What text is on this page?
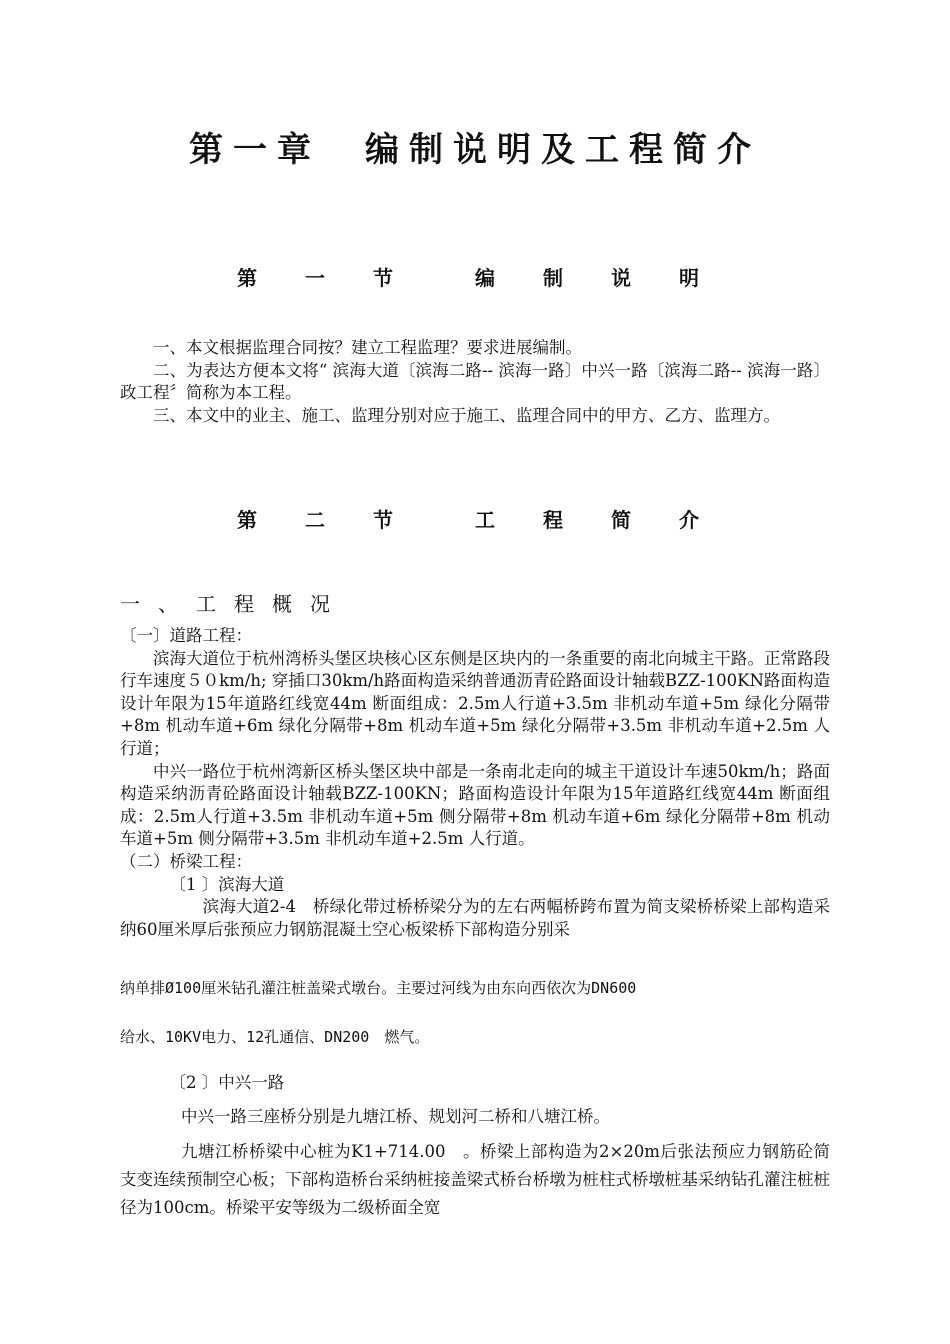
第一章　编制说明及工程简介
第　一　节　　编　制　说　明

一、本文根据监理合同按？建立工程监理？要求进展编制。

二、为表达方便本文将“ 滨海大道〔滨海二路-- 滨海一路〕中兴一路〔滨海二路-- 滨海一路〕政工程〞简称为本工程。

三、本文中的业主、施工、监理分别对应于施工、监理合同中的甲方、乙方、监理方。

第　二　节　　工　程　简　介
一、工程概况

〔一〕道路工程：

滨海大道位于杭州湾桥头堡区块核心区东侧是区块内的一条重要的南北向城主干路。正常路段行车速度５０km/h; 穿插口30km/h路面构造采纳普通沥青砼路面设计轴载BZZ-100KN路面构造设计年限为15年道路红线宽44m 断面组成：2.5m人行道+3.5m 非机动车道+5m 绿化分隔带+8m 机动车道+6m 绿化分隔带+8m 机动车道+5m 绿化分隔带+3.5m 非机动车道+2.5m 人行道；

中兴一路位于杭州湾新区桥头堡区块中部是一条南北走向的城主干道设计车速50km/h；路面构造采纳沥青砼路面设计轴载BZZ-100KN；路面构造设计年限为15年道路红线宽44m 断面组成：2.5m人行道+3.5m 非机动车道+5m 侧分隔带+8m 机动车道+6m 绿化分隔带+8m 机动车道+5m 侧分隔带+3.5m 非机动车道+2.5m 人行道。

（二）桥梁工程：

〔1 〕滨海大道

滨海大道2-4　桥绿化带过桥桥梁分为的左右两幅桥跨布置为简支梁桥桥梁上部构造采纳60厘米厚后张预应力钢筋混凝土空心板梁桥下部构造分别采

纳单排Ø100厘米钻孔灌注桩盖梁式墩台。主要过河线为由东向西依次为DN600

给水、10KV电力、12孔通信、DN200　燃气。

〔2 〕中兴一路

中兴一路三座桥分别是九塘江桥、规划河二桥和八塘江桥。

九塘江桥桥梁中心桩为K1+714.00　。桥梁上部构造为2×20m后张法预应力钢筋砼简支变连续预制空心板；下部构造桥台采纳桩接盖梁式桥台桥墩为桩柱式桥墩桩基采纳钻孔灌注桩桩径为100cm。桥梁平安等级为二级桥面全宽
